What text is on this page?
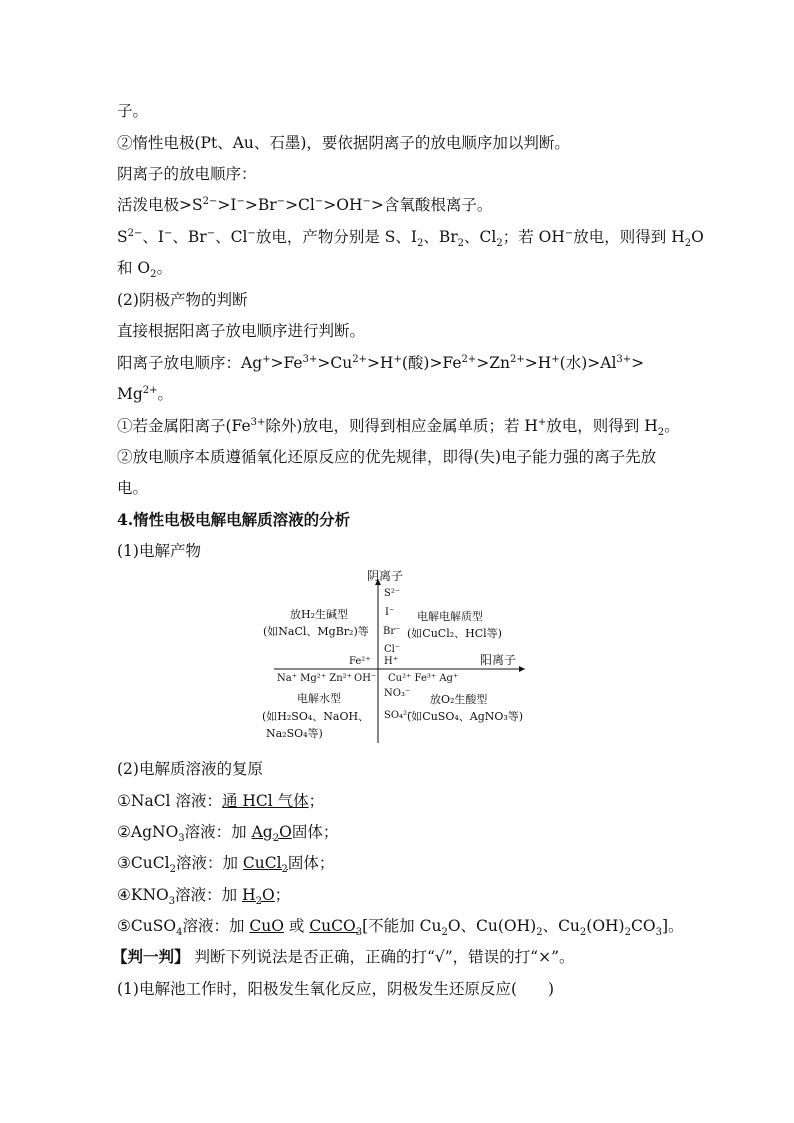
子。
②惰性电极(Pt、Au、石墨)，要依据阴离子的放电顺序加以判断。
阴离子的放电顺序：
活泼电极$>S^{2-}>I^->Br^->Cl^->OH^->$含氧酸根离子。
$S^{2-}$、I−、Br−、Cl−放电，产物分别是 S、$I_2$、$Br_2$、$Cl_2$；若 OH−放电，则得到 $H_2O$
和 $O_2$。
(2)阴极产物的判断
直接根据阳离子放电顺序进行判断。
阳离子放电顺序：$Ag^+>Fe^{3+}>Cu^{2+}>H^+$(酸)$>Fe^{2+}>Zn^{2+}>H^+$(水)$>Al^{3+}>$
$Mg^{2+}$。
①若金属阳离子($Fe^{3+}$除外)放电，则得到相应金属单质；若 H+放电，则得到 $H_2$。
②放电顺序本质遵循氧化还原反应的优先规律，即得(失)电子能力强的离子先放
电。
4.惰性电极电解电解质溶液的分析
(1)电解产物
阴离子
阳离子
S²⁻
I⁻
Br⁻
Cl⁻
H⁺
Fe²⁺
Na⁺ Mg²⁺ Zn²⁺ OH⁻ Cu²⁺ Fe³⁺ Ag⁺
NO₃⁻
SO₄²⁻
放H₂生碱型
(如NaCl、MgBr₂)等
电解电解质型
(如CuCl₂、HCl等)
电解水型
(如H₂SO₄、NaOH、
Na₂SO₄等)
放O₂生酸型
(如CuSO₄、AgNO₃等)
(2)电解质溶液的复原
①NaCl 溶液：通 HCl 气体；
②AgNO$_3$溶液：加 $Ag_2O$固体；
③CuCl$_2$溶液：加 CuCl$_2$固体；
$④KNO_3$溶液：加 $H_2O$；
⑤CuSO$_4$溶液：加 CuO 或 CuCO$_3$[不能加 $Cu_2O$、$Cu(OH)_2$、$Cu_2(OH)_2CO_3$]。
【判一判】 判断下列说法是否正确，正确的打“√”，错误的打“×”。
(1)电解池工作时，阳极发生氧化反应，阴极发生还原反应(　　)
